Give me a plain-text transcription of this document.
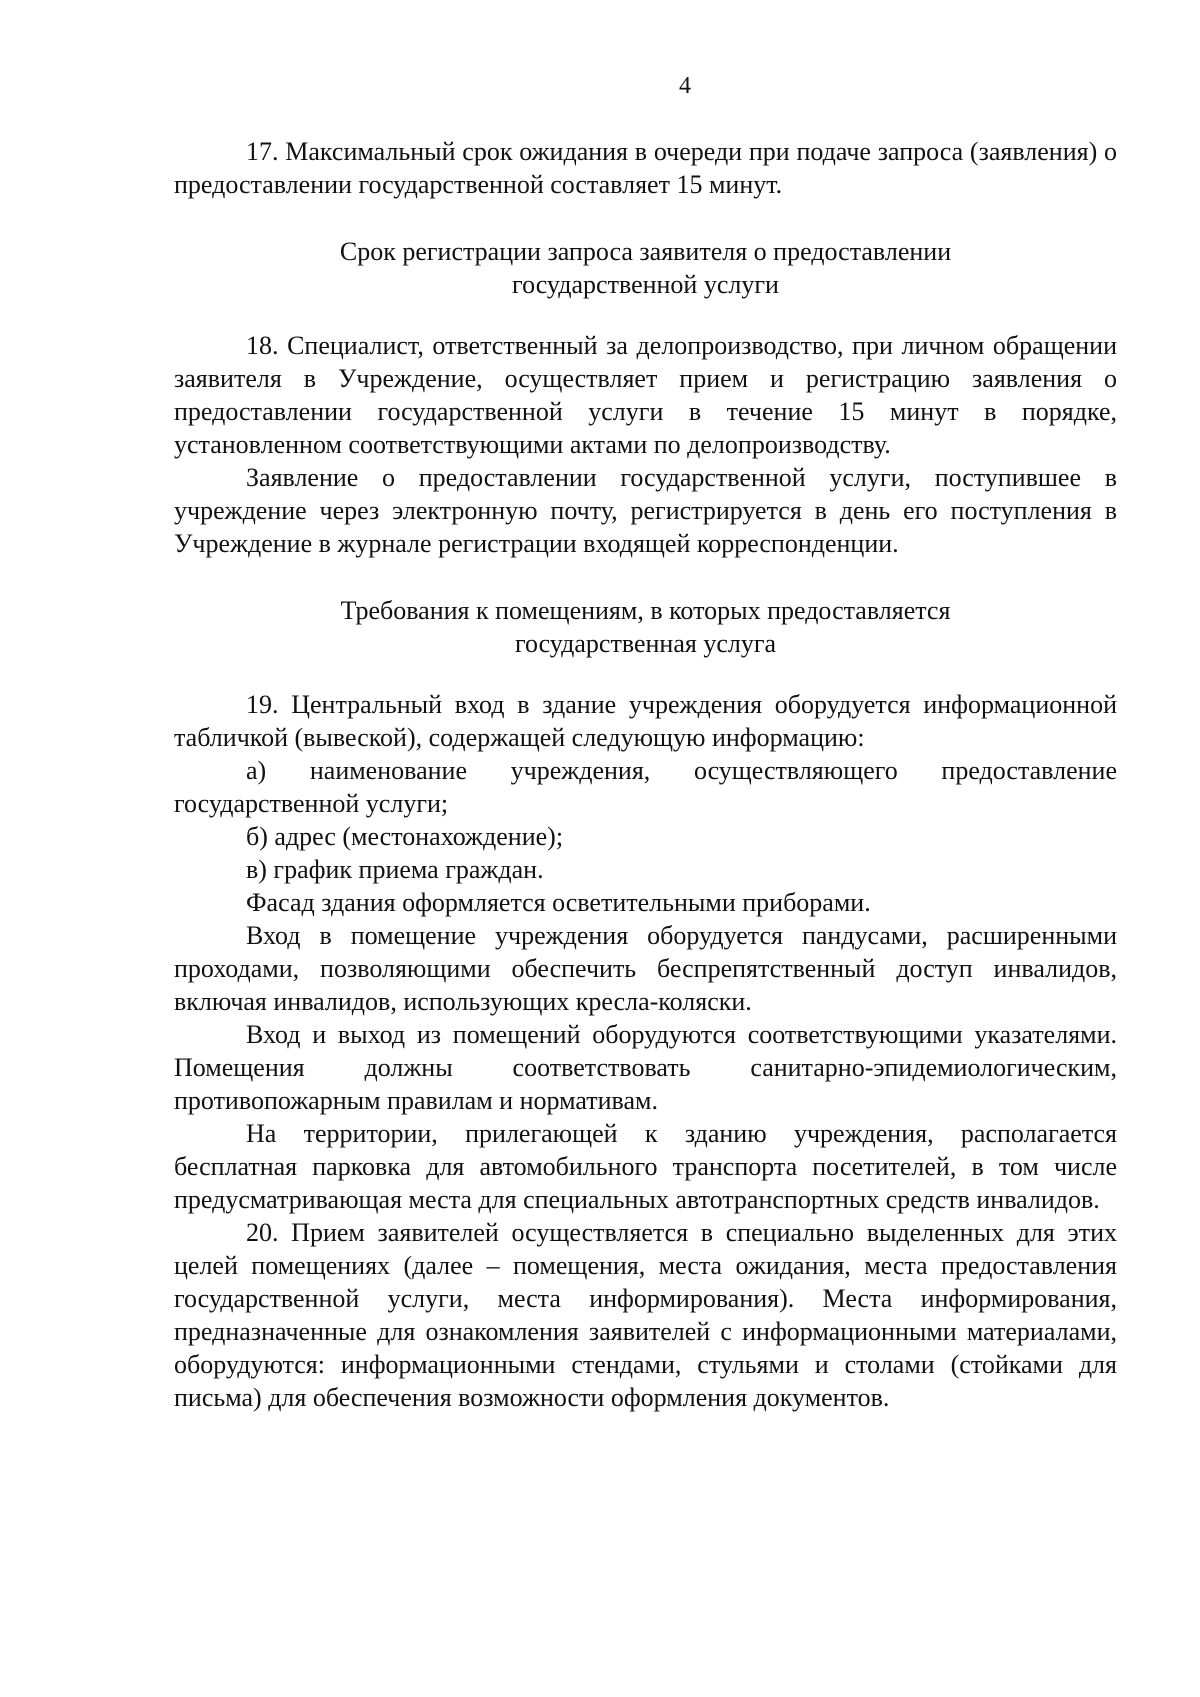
4

17. Максимальный срок ожидания в очереди при подаче запроса (заявления) о предоставлении государственной составляет 15 минут.

Срок регистрации запроса заявителя о предоставлении
государственной услуги

18. Специалист, ответственный за делопроизводство, при личном обращении заявителя в Учреждение, осуществляет прием и регистрацию заявления о предоставлении государственной услуги в течение 15 минут в порядке, установленном соответствующими актами по делопроизводству.

Заявление о предоставлении государственной услуги, поступившее в учреждение через электронную почту, регистрируется в день его поступления в Учреждение в журнале регистрации входящей корреспонденции.

Требования к помещениям, в которых предоставляется
государственная услуга

19. Центральный вход в здание учреждения оборудуется информационной табличкой (вывеской), содержащей следующую информацию:

а) наименование учреждения, осуществляющего предоставление государственной услуги;

б) адрес (местонахождение);

в) график приема граждан.

Фасад здания оформляется осветительными приборами.

Вход в помещение учреждения оборудуется пандусами, расширенными проходами, позволяющими обеспечить беспрепятственный доступ инвалидов, включая инвалидов, использующих кресла-коляски.

Вход и выход из помещений оборудуются соответствующими указателями. Помещения должны соответствовать санитарно-эпидемиологическим, противопожарным правилам и нормативам.

На территории, прилегающей к зданию учреждения, располагается бесплатная парковка для автомобильного транспорта посетителей, в том числе предусматривающая места для специальных автотранспортных средств инвалидов.

20. Прием заявителей осуществляется в специально выделенных для этих целей помещениях (далее – помещения, места ожидания, места предоставления государственной услуги, места информирования). Места информирования, предназначенные для ознакомления заявителей с информационными материалами, оборудуются: информационными стендами, стульями и столами (стойками для письма) для обеспечения возможности оформления документов.
